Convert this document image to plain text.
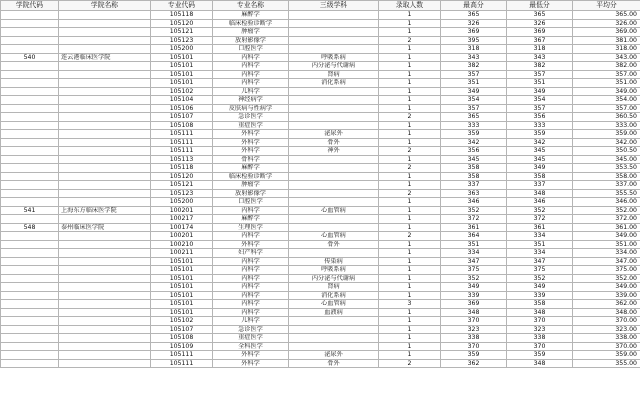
学院代码	学院名称	专业代码	专业名称	三级学科	录取人数	最高分	最低分	平均分
		105118	麻醉学		1	365	365	365.00
		105120	临床检验诊断学		1	326	326	326.00
		105121	肿瘤学		1	369	369	369.00
		105123	放射影像学		2	395	367	381.00
		105200	口腔医学		1	318	318	318.00
540	连云港临床医学院	105101	内科学	呼吸系病	1	343	343	343.00
		105101	内科学	内分泌与代谢病	1	382	382	382.00
		105101	内科学	肾病	1	357	357	357.00
		105101	内科学	消化系病	1	351	351	351.00
		105102	儿科学		1	349	349	349.00
		105104	神经病学		1	354	354	354.00
		105106	皮肤病与性病学		1	357	357	357.00
		105107	急诊医学		2	365	356	360.50
		105108	重症医学		1	333	333	333.00
		105111	外科学	泌尿外	1	359	359	359.00
		105111	外科学	骨外	1	342	342	342.00
		105111	外科学	神外	2	356	345	350.50
		105113	骨科学		1	345	345	345.00
		105118	麻醉学		2	358	349	353.50
		105120	临床检验诊断学		1	358	358	358.00
		105121	肿瘤学		1	337	337	337.00
		105123	放射影像学		2	363	348	355.50
		105200	口腔医学		1	346	346	346.00
541	上海东方临床医学院	100201	内科学	心血管病	1	352	352	352.00
		100217	麻醉学		1	372	372	372.00
548	泰州临床医学院	100174	生理医学		1	361	361	361.00
		100201	内科学	心血管病	2	364	334	349.00
		100210	外科学	骨外	1	351	351	351.00
		100211	妇产科学		1	334	334	334.00
		105101	内科学	传染病	1	347	347	347.00
		105101	内科学	呼吸系病	1	375	375	375.00
		105101	内科学	内分泌与代谢病	1	352	352	352.00
		105101	内科学	肾病	1	349	349	349.00
		105101	内科学	消化系病	1	339	339	339.00
		105101	内科学	心血管病	3	369	358	362.00
		105101	内科学	血液病	1	348	348	348.00
		105102	儿科学		1	370	370	370.00
		105107	急诊医学		1	323	323	323.00
		105108	重症医学		1	338	338	338.00
		105109	全科医学		1	370	370	370.00
		105111	外科学	泌尿外	1	359	359	359.00
		105111	外科学	骨外	2	362	348	355.00
